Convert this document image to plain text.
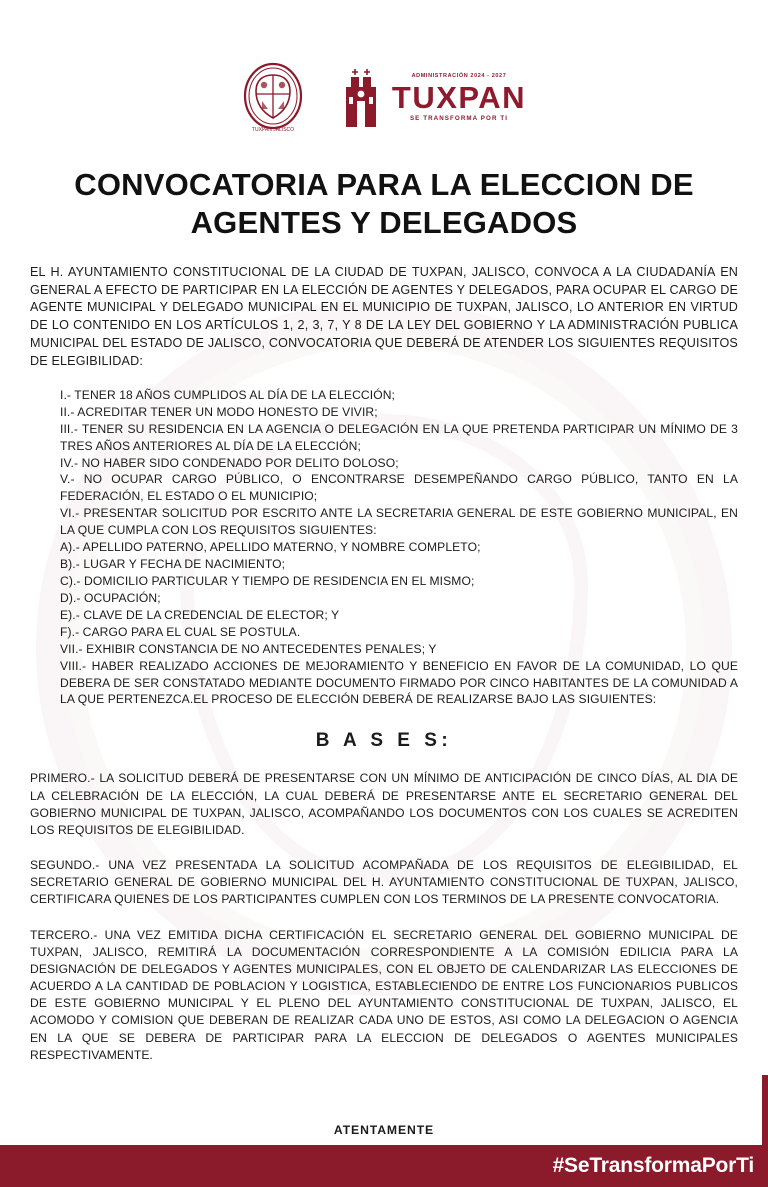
TUXPAN JALISCO
ADMINISTRACIÓN 2024 - 2027
TUXPAN
SE TRANSFORMA POR TI
CONVOCATORIA PARA LA ELECCION DE AGENTES Y DELEGADOS

EL H. AYUNTAMIENTO CONSTITUCIONAL DE LA CIUDAD DE TUXPAN, JALISCO, CONVOCA A LA CIUDADANÍA EN GENERAL A EFECTO DE PARTICIPAR EN LA ELECCIÓN DE AGENTES Y DELEGADOS, PARA OCUPAR EL CARGO DE AGENTE MUNICIPAL Y DELEGADO MUNICIPAL EN EL MUNICIPIO DE TUXPAN, JALISCO, LO ANTERIOR EN VIRTUD DE LO CONTENIDO EN LOS ARTÍCULOS 1, 2, 3, 7, Y 8 DE LA LEY DEL GOBIERNO Y LA ADMINISTRACIÓN PUBLICA MUNICIPAL DEL ESTADO DE JALISCO, CONVOCATORIA QUE DEBERÁ DE ATENDER LOS SIGUIENTES REQUISITOS DE ELEGIBILIDAD:

I.- TENER 18 AÑOS CUMPLIDOS AL DÍA DE LA ELECCIÓN;

II.- ACREDITAR TENER UN MODO HONESTO DE VIVIR;

III.- TENER SU RESIDENCIA EN LA AGENCIA O DELEGACIÓN EN LA QUE PRETENDA PARTICIPAR UN MÍNIMO DE 3 TRES AÑOS ANTERIORES AL DÍA DE LA ELECCIÓN;

IV.- NO HABER SIDO CONDENADO POR DELITO DOLOSO;

V.- NO OCUPAR CARGO PÚBLICO, O ENCONTRARSE DESEMPEÑANDO CARGO PÚBLICO, TANTO EN LA FEDERACIÓN, EL ESTADO O EL MUNICIPIO;

VI.- PRESENTAR SOLICITUD POR ESCRITO ANTE LA SECRETARIA GENERAL DE ESTE GOBIERNO MUNICIPAL, EN LA QUE CUMPLA CON LOS REQUISITOS SIGUIENTES:

A).- APELLIDO PATERNO, APELLIDO MATERNO, Y NOMBRE COMPLETO;

B).- LUGAR Y FECHA DE NACIMIENTO;

C).- DOMICILIO PARTICULAR Y TIEMPO DE RESIDENCIA EN EL MISMO;

D).- OCUPACIÓN;

E).- CLAVE DE LA CREDENCIAL DE ELECTOR; Y

F).- CARGO PARA EL CUAL SE POSTULA.

VII.- EXHIBIR CONSTANCIA DE NO ANTECEDENTES PENALES; Y

VIII.- HABER REALIZADO ACCIONES DE MEJORAMIENTO Y BENEFICIO EN FAVOR DE LA COMUNIDAD, LO QUE DEBERA DE SER CONSTATADO MEDIANTE DOCUMENTO FIRMADO POR CINCO HABITANTES DE LA COMUNIDAD A LA QUE PERTENEZCA.EL PROCESO DE ELECCIÓN DEBERÁ DE REALIZARSE BAJO LAS SIGUIENTES:

B A S E S:

PRIMERO.- LA SOLICITUD DEBERÁ DE PRESENTARSE CON UN MÍNIMO DE ANTICIPACIÓN DE CINCO DÍAS, AL DIA DE LA CELEBRACIÓN DE LA ELECCIÓN, LA CUAL DEBERÁ DE PRESENTARSE ANTE EL SECRETARIO GENERAL DEL GOBIERNO MUNICIPAL DE TUXPAN, JALISCO, ACOMPAÑANDO LOS DOCUMENTOS CON LOS CUALES SE ACREDITEN LOS REQUISITOS DE ELEGIBILIDAD.

SEGUNDO.- UNA VEZ PRESENTADA LA SOLICITUD ACOMPAÑADA DE LOS REQUISITOS DE ELEGIBILIDAD, EL SECRETARIO GENERAL DE GOBIERNO MUNICIPAL DEL H. AYUNTAMIENTO CONSTITUCIONAL DE TUXPAN, JALISCO, CERTIFICARA QUIENES DE LOS PARTICIPANTES CUMPLEN CON LOS TERMINOS DE LA PRESENTE CONVOCATORIA.

TERCERO.- UNA VEZ EMITIDA DICHA CERTIFICACIÓN EL SECRETARIO GENERAL DEL GOBIERNO MUNICIPAL DE TUXPAN, JALISCO, REMITIRÁ LA DOCUMENTACIÓN CORRESPONDIENTE A LA COMISIÓN EDILICIA PARA LA DESIGNACIÓN DE DELEGADOS Y AGENTES MUNICIPALES, CON EL OBJETO DE CALENDARIZAR LAS ELECCIONES DE ACUERDO A LA CANTIDAD DE POBLACION Y LOGISTICA, ESTABLECIENDO DE ENTRE LOS FUNCIONARIOS PUBLICOS DE ESTE GOBIERNO MUNICIPAL Y EL PLENO DEL AYUNTAMIENTO CONSTITUCIONAL DE TUXPAN, JALISCO, EL ACOMODO Y COMISION QUE DEBERAN DE REALIZAR CADA UNO DE ESTOS, ASI COMO LA DELEGACION O AGENCIA EN LA QUE SE DEBERA DE PARTICIPAR PARA LA ELECCION DE DELEGADOS O AGENTES MUNICIPALES RESPECTIVAMENTE.

ATENTAMENTE
#SeTransformaPorTi
